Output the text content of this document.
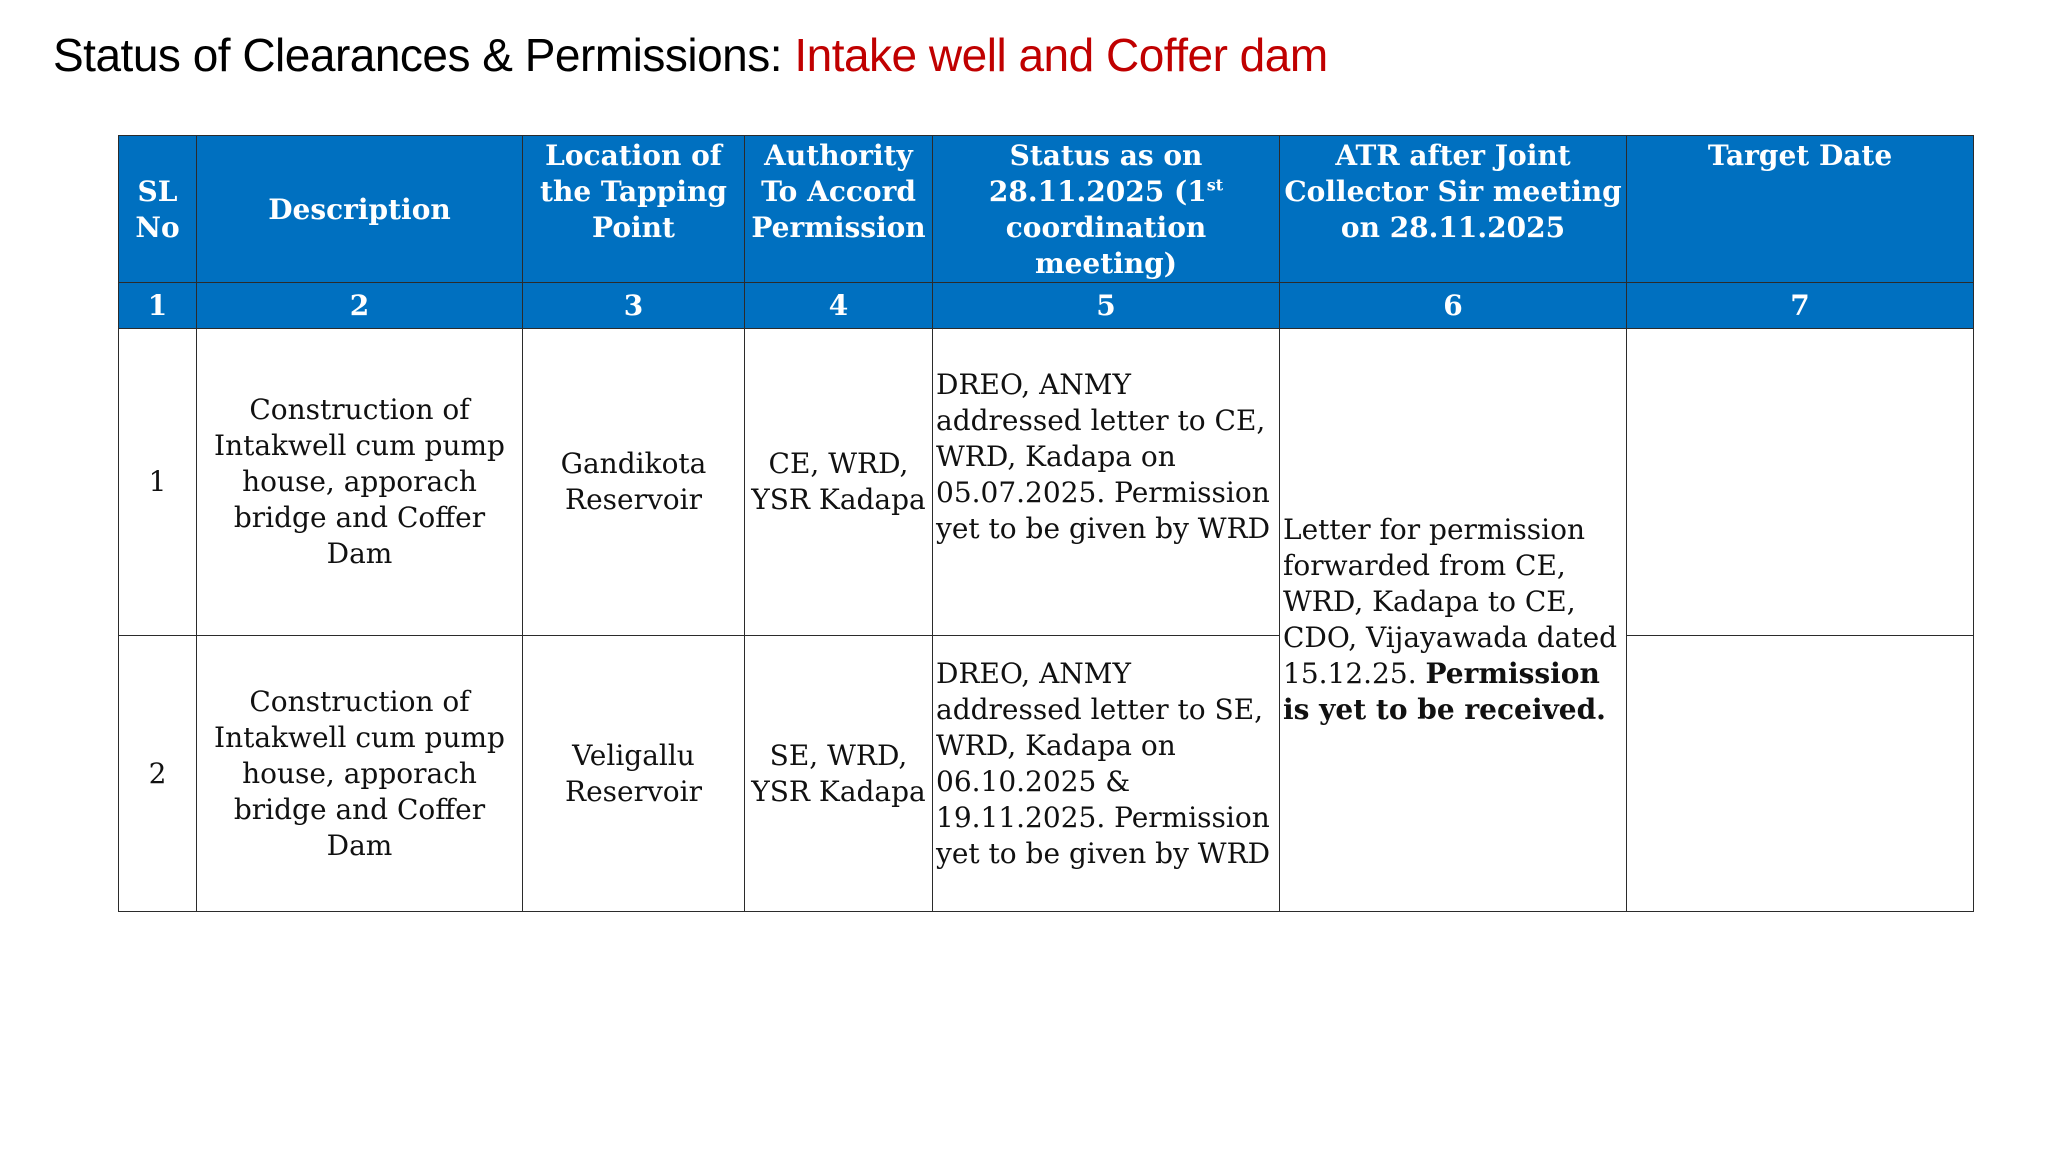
Status of Clearances & Permissions: Intake well and Coffer dam
SL No	Description	Location of the Tapping Point	Authority To Accord Permission	Status as on 28.11.2025 (1st coordination meeting)	ATR after Joint Collector Sir meeting on 28.11.2025	Target Date
1	2	3	4	5	6	7
1	Construction of Intakwell cum pump house, apporach bridge and Coffer Dam	Gandikota Reservoir	CE, WRD, YSR Kadapa	DREO, ANMY addressed letter to CE, WRD, Kadapa on 05.07.2025. Permission yet to be given by WRD	Letter for permission forwarded from CE, WRD, Kadapa to CE, CDO, Vijayawada dated 15.12.25. Permission is yet to be received.	
2	Construction of Intakwell cum pump house, apporach bridge and Coffer Dam	Veligallu Reservoir	SE, WRD, YSR Kadapa	DREO, ANMY addressed letter to SE, WRD, Kadapa on 06.10.2025 & 19.11.2025. Permission yet to be given by WRD		
